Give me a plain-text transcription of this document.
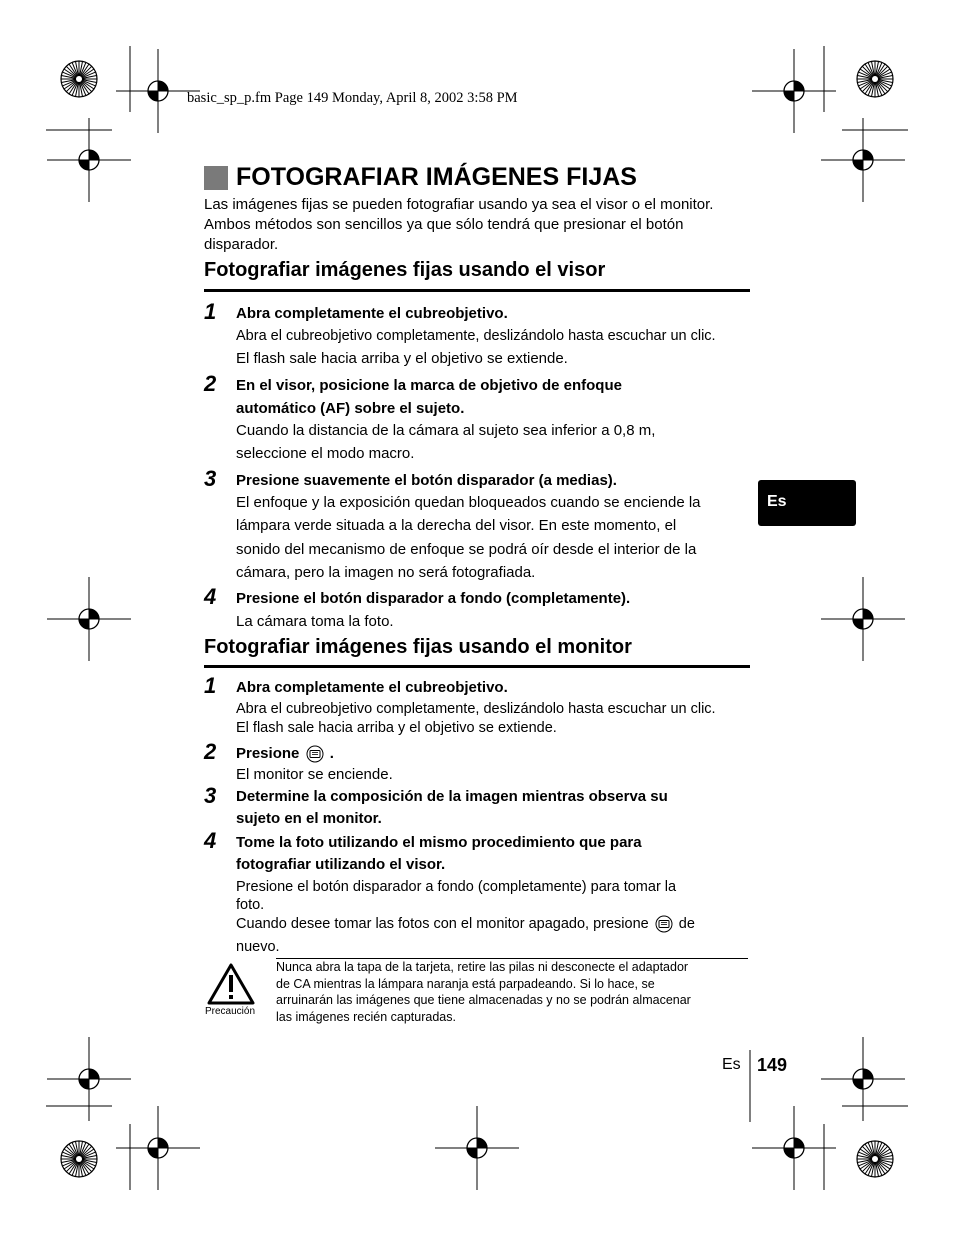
basic_sp_p.fm Page 149 Monday, April 8, 2002 3:58 PM
FOTOGRAFIAR IMÁGENES FIJAS
Las imágenes fijas se pueden fotografiar usando ya sea el visor o el monitor.
Ambos métodos son sencillos ya que sólo tendrá que presionar el botón
disparador.
Fotografiar imágenes fijas usando el visor
1 Abra completamente el cubreobjetivo.
Abra el cubreobjetivo completamente, deslizándolo hasta escuchar un clic.
El flash sale hacia arriba y el objetivo se extiende.
2 En el visor, posicione la marca de objetivo de enfoque
automático (AF) sobre el sujeto.
Cuando la distancia de la cámara al sujeto sea inferior a 0,8 m,
seleccione el modo macro.
3 Presione suavemente el botón disparador (a medias).
El enfoque y la exposición quedan bloqueados cuando se enciende la
lámpara verde situada a la derecha del visor. En este momento, el
sonido del mecanismo de enfoque se podrá oír desde el interior de la
cámara, pero la imagen no será fotografiada.
4 Presione el botón disparador a fondo (completamente).
La cámara toma la foto.
Fotografiar imágenes fijas usando el monitor
1 Abra completamente el cubreobjetivo.
Abra el cubreobjetivo completamente, deslizándolo hasta escuchar un clic.
El flash sale hacia arriba y el objetivo se extiende.
2 Presione .
El monitor se enciende.
3 Determine la composición de la imagen mientras observa su
sujeto en el monitor.
4 Tome la foto utilizando el mismo procedimiento que para
fotografiar utilizando el visor.
Presione el botón disparador a fondo (completamente) para tomar la
foto.
Cuando desee tomar las fotos con el monitor apagado, presione de
nuevo.
Precaución
Nunca abra la tapa de la tarjeta, retire las pilas ni desconecte el adaptador
de CA mientras la lámpara naranja está parpadeando. Si lo hace, se
arruinarán las imágenes que tiene almacenadas y no se podrán almacenar
las imágenes recién capturadas.
Es
Es 149
